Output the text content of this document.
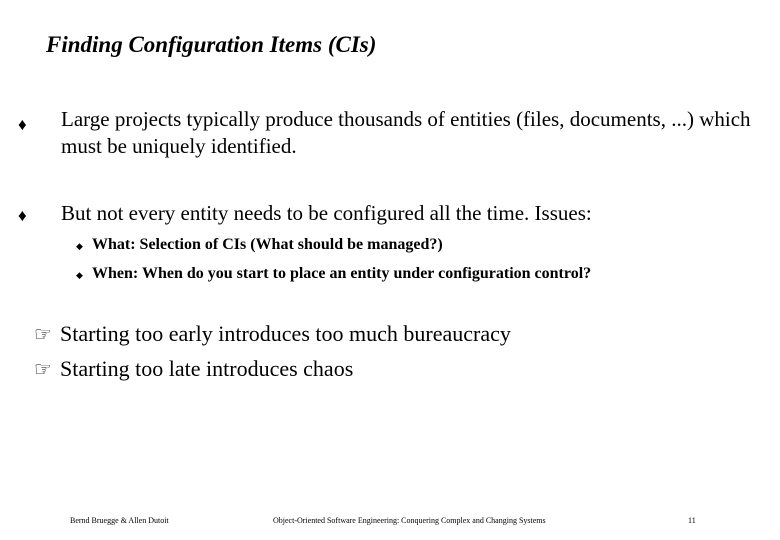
Finding Configuration Items (CIs)
♦ Large projects typically produce thousands of entities (files, documents, ...) which must be uniquely identified.
♦ But not every entity needs to be configured all the time. Issues:
◆ What: Selection of CIs (What should be managed?)
◆ When: When do you start to place an entity under configuration control?
☞ Starting too early introduces too much bureaucracy
☞ Starting too late introduces chaos
Bernd Bruegge & Allen Dutoit	Object-Oriented Software Engineering: Conquering Complex and Changing Systems	11
